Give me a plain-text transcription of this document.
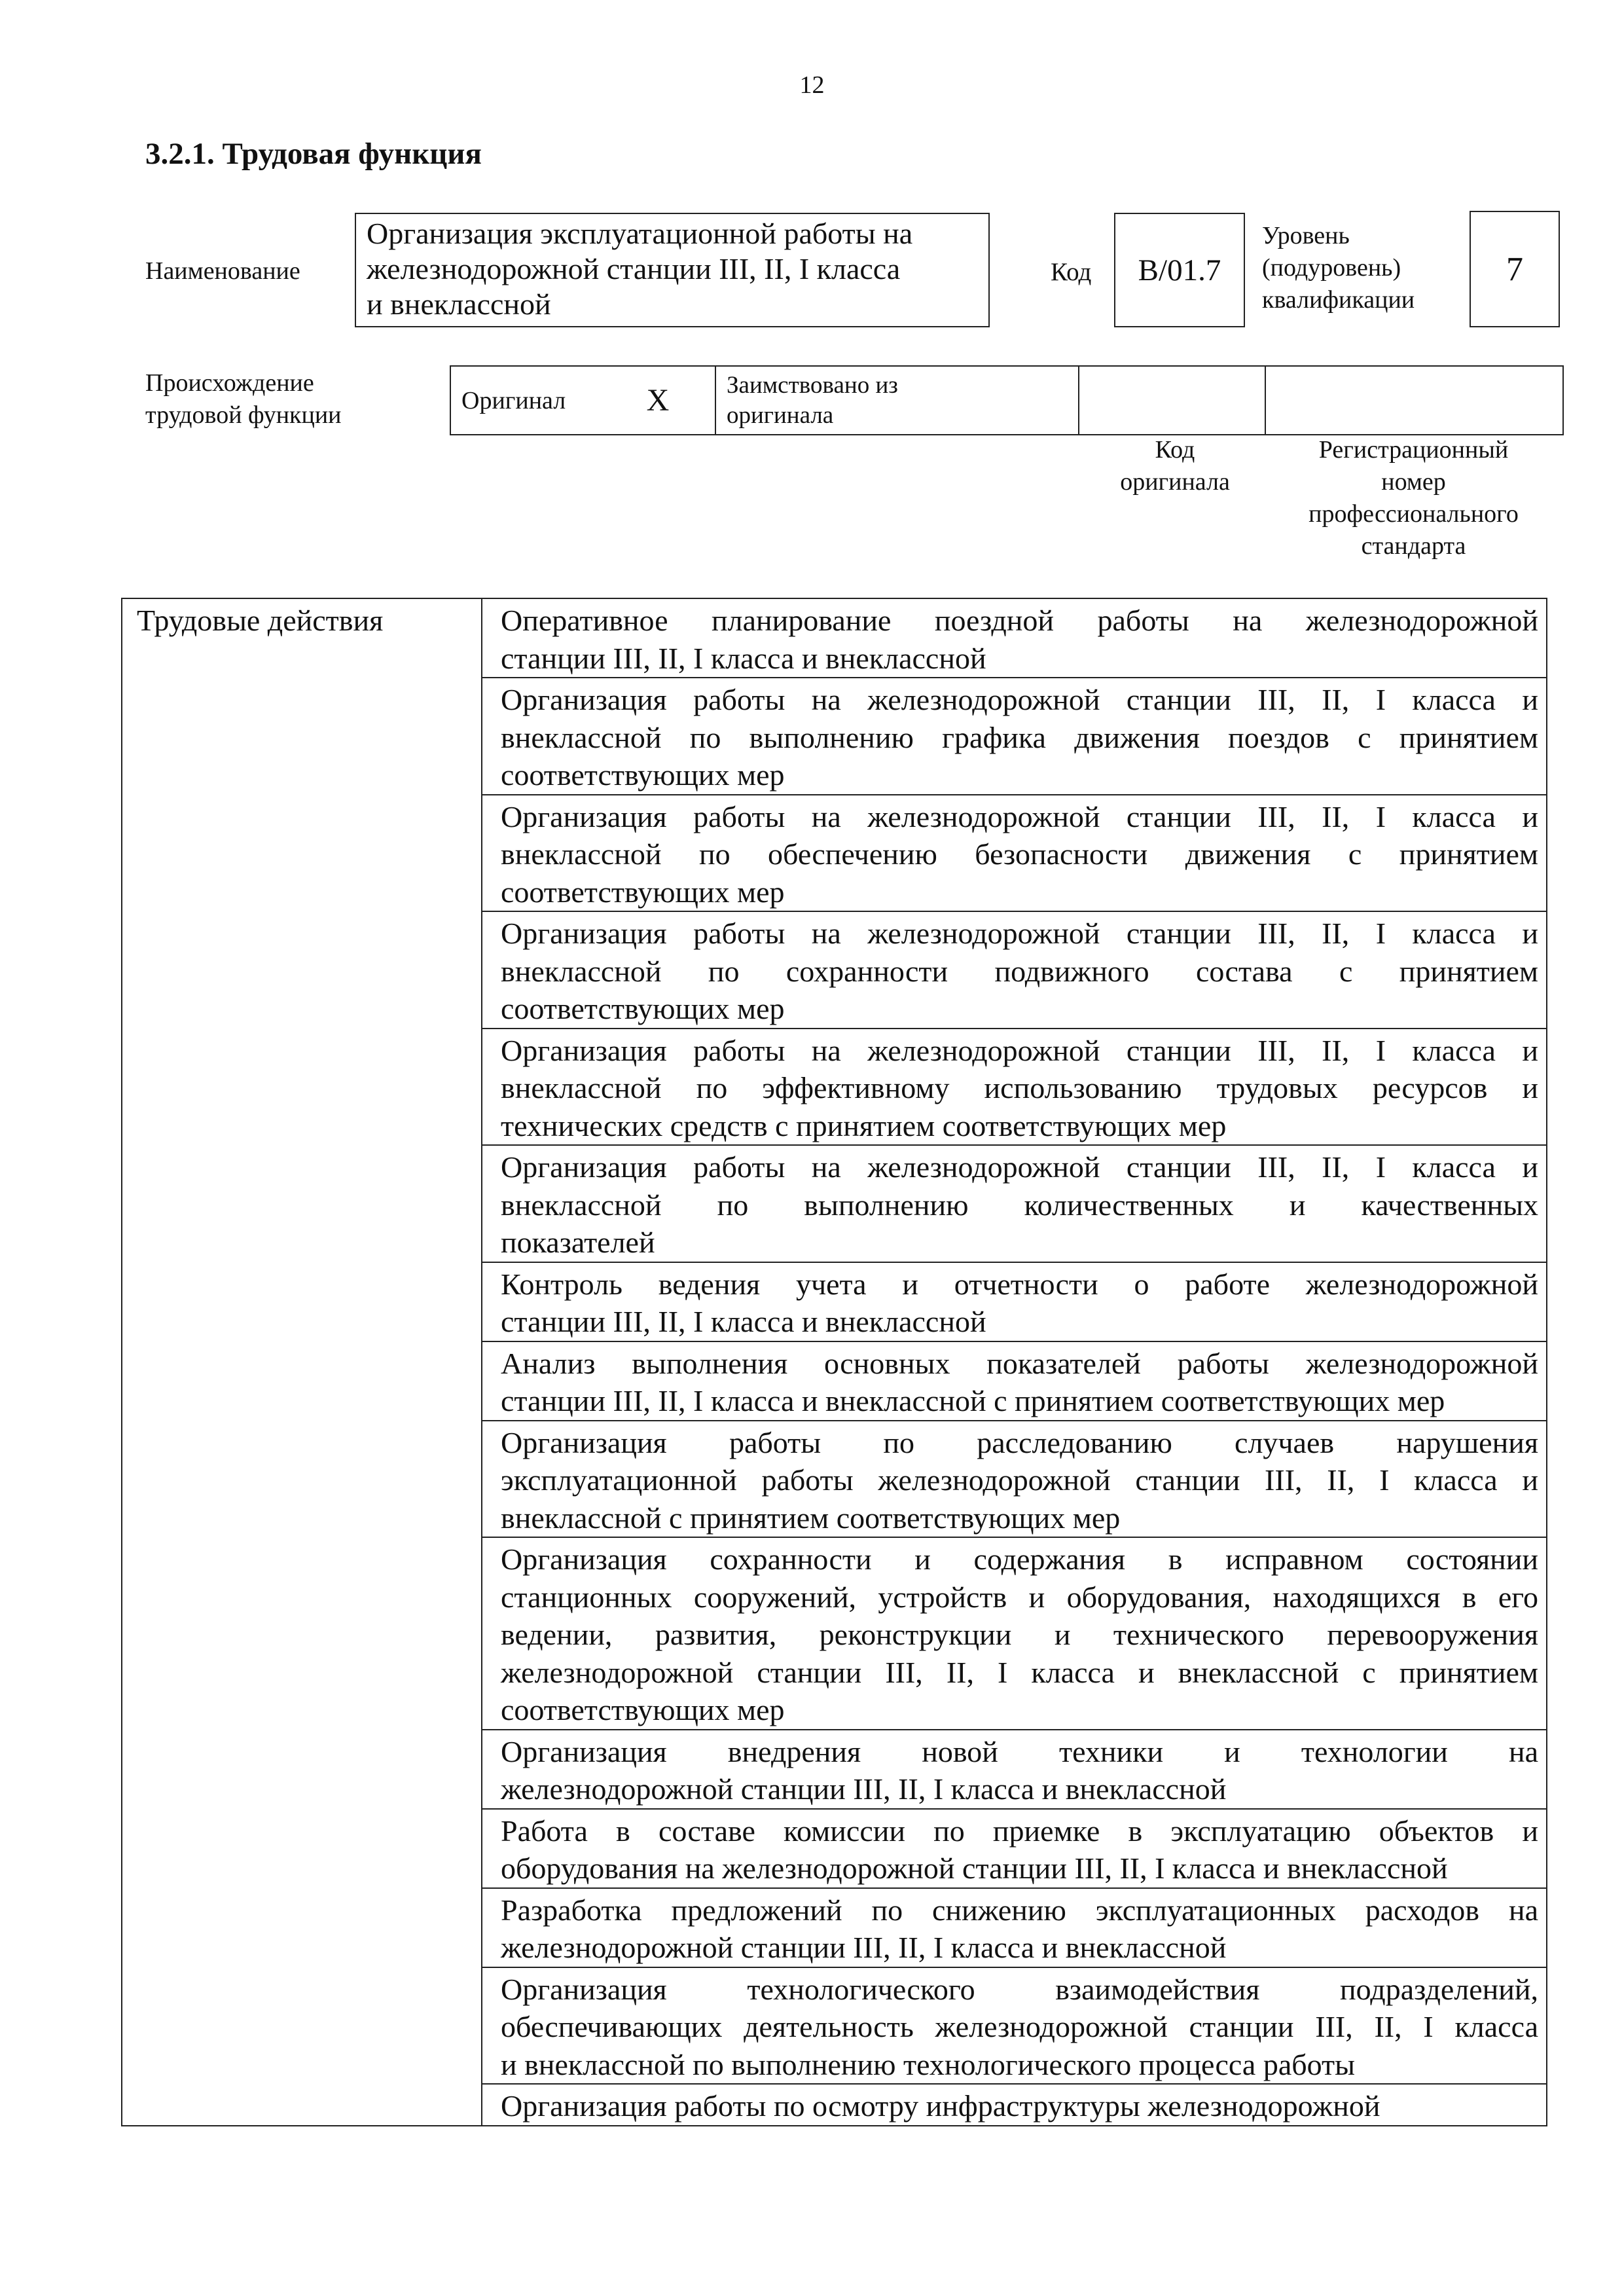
12
3.2.1. Трудовая функция
Наименование
Организация эксплуатационной работы на
железнодорожной станции III, II, I класса
и внеклассной
Код	B/01.7
Уровень
(подуровень)
квалификации
7
Происхождение
трудовой функции
Оригинал	X	Заимствовано из
оригинала

Код
оригинала
Регистрационный
номер
профессионального
стандарта
Трудовые действия	Оперативное планирование поездной работы на железнодорожной
станции III, II, I класса и внеклассной

Организация работы на железнодорожной станции III, II, I класса и
внеклассной по выполнению графика движения поездов с принятием
соответствующих мер

Организация работы на железнодорожной станции III, II, I класса и
внеклассной по обеспечению безопасности движения с принятием
соответствующих мер

Организация работы на железнодорожной станции III, II, I класса и
внеклассной по сохранности подвижного состава с принятием
соответствующих мер

Организация работы на железнодорожной станции III, II, I класса и
внеклассной по эффективному использованию трудовых ресурсов и
технических средств с принятием соответствующих мер

Организация работы на железнодорожной станции III, II, I класса и
внеклассной по выполнению количественных и качественных
показателей

Контроль ведения учета и отчетности о работе железнодорожной
станции III, II, I класса и внеклассной

Анализ выполнения основных показателей работы железнодорожной
станции III, II, I класса и внеклассной с принятием соответствующих мер

Организация работы по расследованию случаев нарушения
эксплуатационной работы железнодорожной станции III, II, I класса и
внеклассной с принятием соответствующих мер

Организация сохранности и содержания в исправном состоянии
станционных сооружений, устройств и оборудования, находящихся в его
ведении, развития, реконструкции и технического перевооружения
железнодорожной станции III, II, I класса и внеклассной с принятием
соответствующих мер

Организация внедрения новой техники и технологии на
железнодорожной станции III, II, I класса и внеклассной

Работа в составе комиссии по приемке в эксплуатацию объектов и
оборудования на железнодорожной станции III, II, I класса и внеклассной

Разработка предложений по снижению эксплуатационных расходов на
железнодорожной станции III, II, I класса и внеклассной

Организация технологического взаимодействия подразделений,
обеспечивающих деятельность железнодорожной станции III, II, I класса
и внеклассной по выполнению технологического процесса работы

Организация работы по осмотру инфраструктуры железнодорожной
